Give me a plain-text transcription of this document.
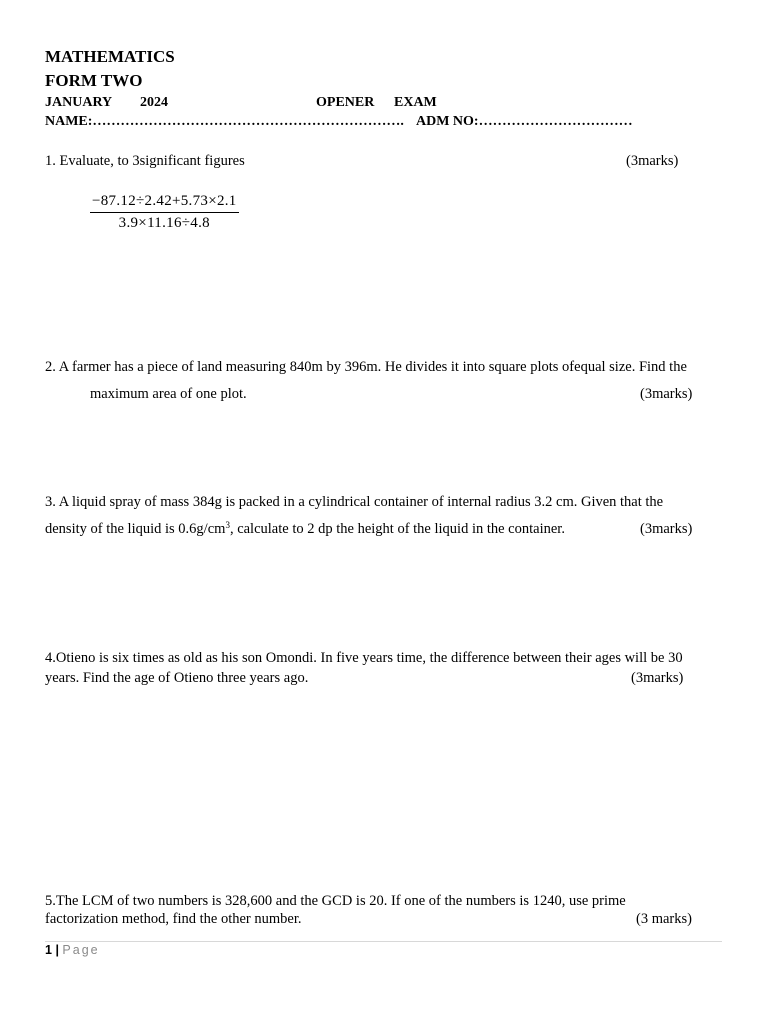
MATHEMATICS
FORM TWO
JANUARY 2024	OPENER EXAM
NAME:…………………………………………………………. ADM NO:……………………………
1. Evaluate, to 3significant figures	(3marks)
$\frac{-87.12\div 2.42+5.73\times 2.1}{3.9\times 11.16\div 4.8}$
2. A farmer has a piece of land measuring 840m by 396m. He divides it into square plots ofequal size. Find the
maximum area of one plot.	(3marks)
3. A liquid spray of mass 384g is packed in a cylindrical container of internal radius 3.2 cm. Given that the
density of the liquid is $0.6g/cm^3$, calculate to 2 dp the height of the liquid in the container.	(3marks)
4.Otieno is six times as old as his son Omondi. In five years time, the difference between their ages will be 30
years. Find the age of Otieno three years ago.	(3marks)
5.The LCM of two numbers is 328,600 and the GCD is 20. If one of the numbers is 1240, use prime
factorization method, find the other number.	(3 marks)
1 | Page
